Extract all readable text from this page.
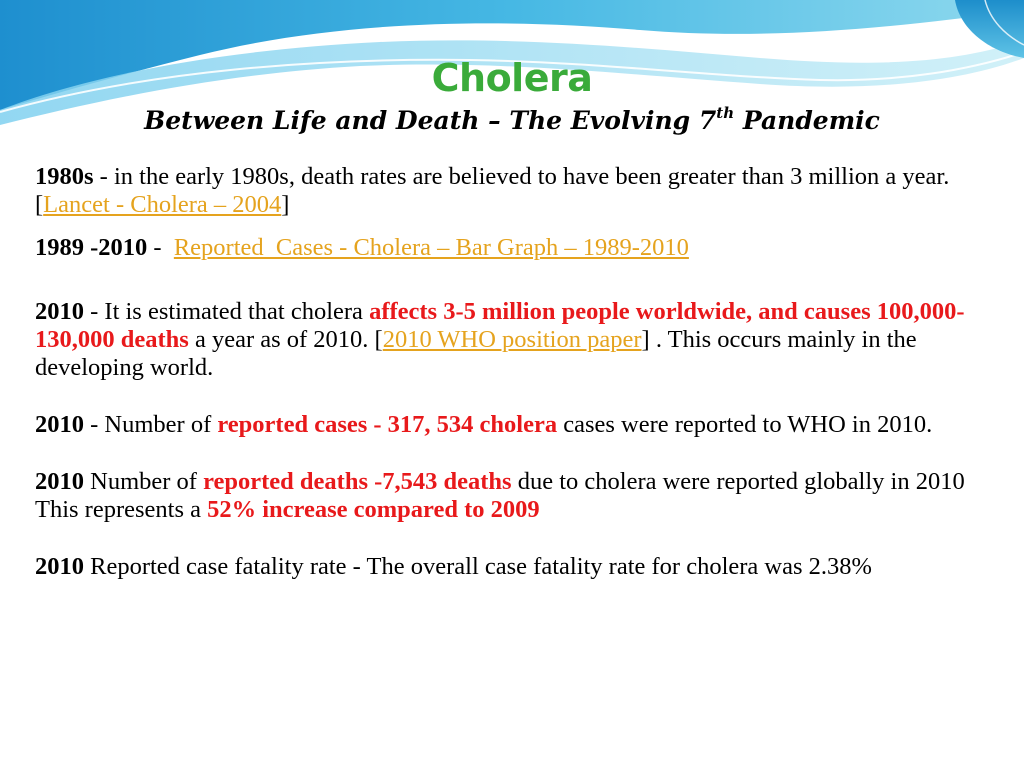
Cholera
Between Life and Death – The Evolving 7th Pandemic

1980s - in the early 1980s, death rates are believed to have been greater than 3 million a year. [Lancet - Cholera – 2004]

1989 -2010 -  Reported  Cases - Cholera – Bar Graph – 1989-2010

2010 - It is estimated that cholera affects 3-5 million people worldwide, and causes 100,000-130,000 deaths a year as of 2010. [2010 WHO position paper] . This occurs mainly in the developing world.

2010 - Number of reported cases - 317, 534 cholera cases were reported to WHO in 2010.

2010 Number of reported deaths -7,543 deaths due to cholera were reported globally in 2010 This represents a 52% increase compared to 2009

2010 Reported case fatality rate - The overall case fatality rate for cholera was 2.38%
